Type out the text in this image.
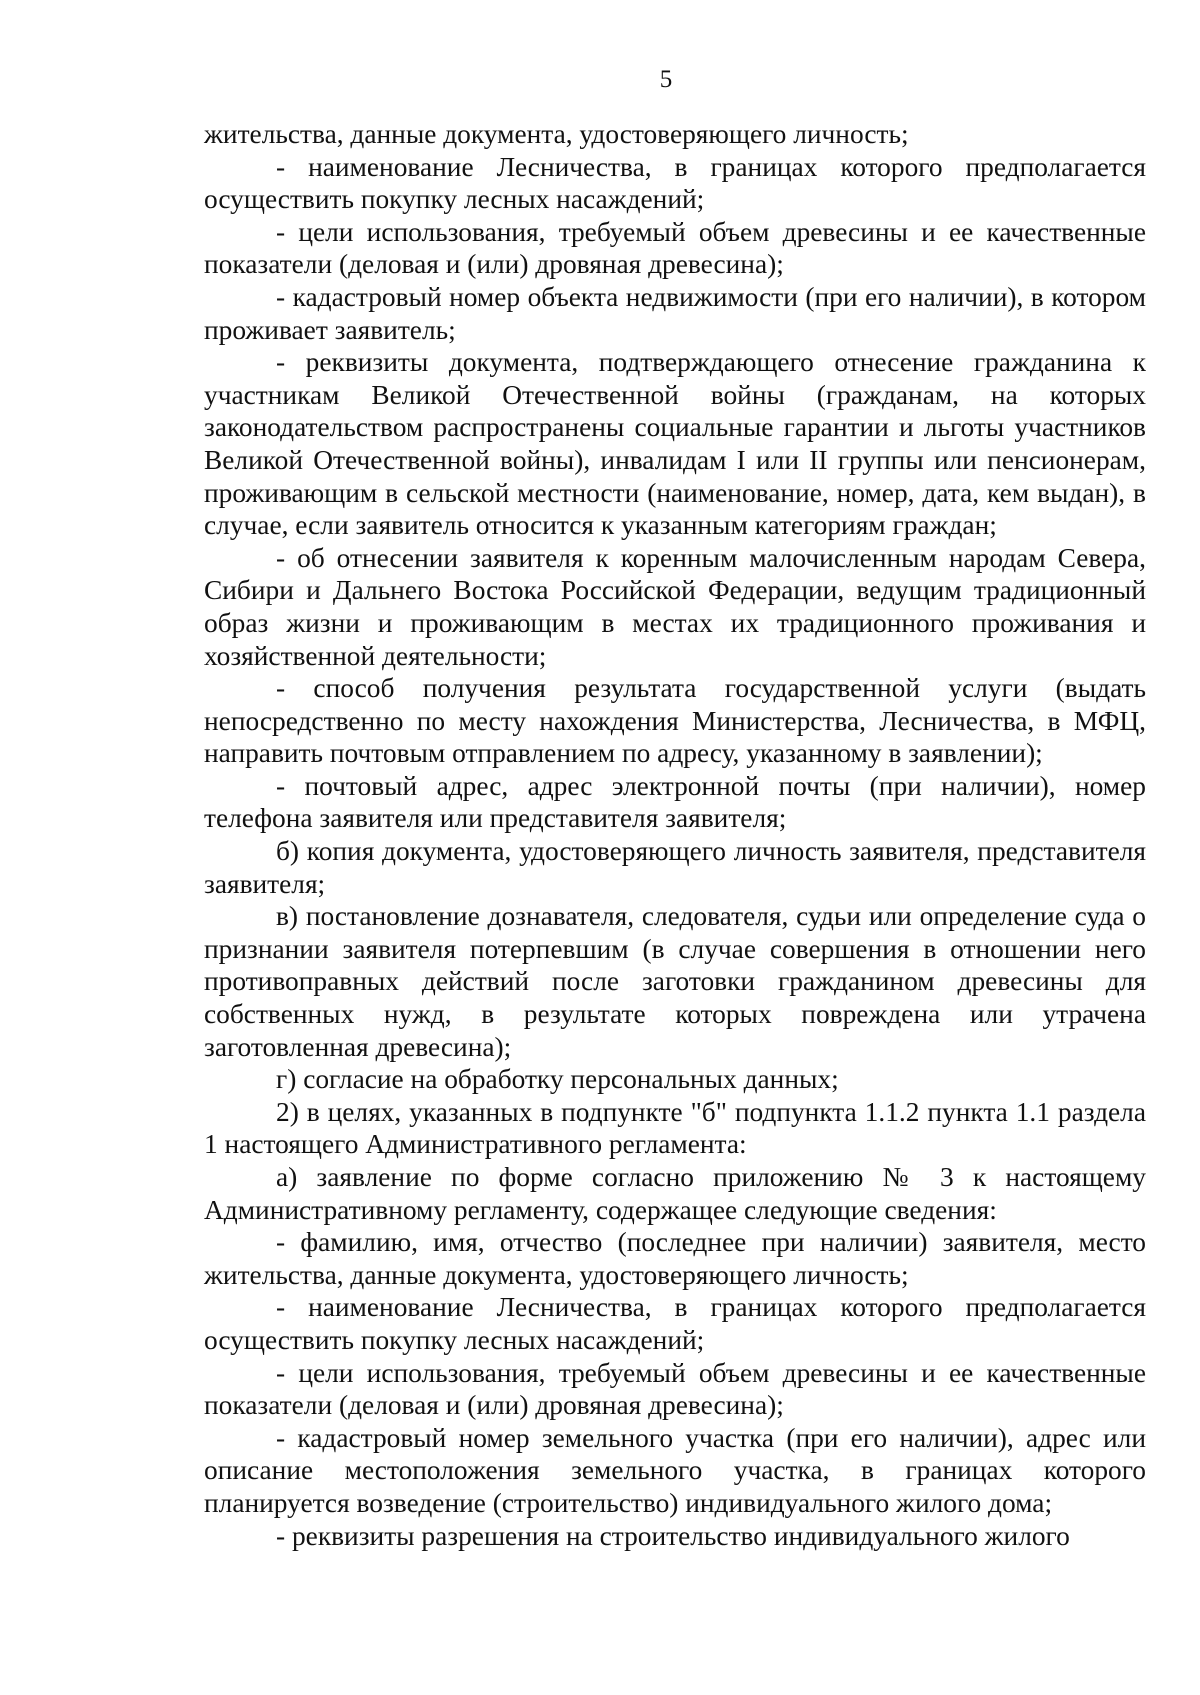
5

жительства, данные документа, удостоверяющего личность;

- наименование Лесничества, в границах которого предполагается осуществить покупку лесных насаждений;

- цели использования, требуемый объем древесины и ее качественные показатели (деловая и (или) дровяная древесина);

- кадастровый номер объекта недвижимости (при его наличии), в котором проживает заявитель;

- реквизиты документа, подтверждающего отнесение гражданина к участникам Великой Отечественной войны (гражданам, на которых законодательством распространены социальные гарантии и льготы участников Великой Отечественной войны), инвалидам I или II группы или пенсионерам, проживающим в сельской местности (наименование, номер, дата, кем выдан), в случае, если заявитель относится к указанным категориям граждан;

- об отнесении заявителя к коренным малочисленным народам Севера, Сибири и Дальнего Востока Российской Федерации, ведущим традиционный образ жизни и проживающим в местах их традиционного проживания и хозяйственной деятельности;

- способ получения результата государственной услуги (выдать непосредственно по месту нахождения Министерства, Лесничества, в МФЦ, направить почтовым отправлением по адресу, указанному в заявлении);

- почтовый адрес, адрес электронной почты (при наличии), номер телефона заявителя или представителя заявителя;

б) копия документа, удостоверяющего личность заявителя, представителя заявителя;

в) постановление дознавателя, следователя, судьи или определение суда о признании заявителя потерпевшим (в случае совершения в отношении него противоправных действий после заготовки гражданином древесины для собственных нужд, в результате которых повреждена или утрачена заготовленная древесина);

г) согласие на обработку персональных данных;

2) в целях, указанных в подпункте "б" подпункта 1.1.2 пункта 1.1 раздела 1 настоящего Административного регламента:

а) заявление по форме согласно приложению № 3 к настоящему Административному регламенту, содержащее следующие сведения:

- фамилию, имя, отчество (последнее при наличии) заявителя, место жительства, данные документа, удостоверяющего личность;

- наименование Лесничества, в границах которого предполагается осуществить покупку лесных насаждений;

- цели использования, требуемый объем древесины и ее качественные показатели (деловая и (или) дровяная древесина);

- кадастровый номер земельного участка (при его наличии), адрес или описание местоположения земельного участка, в границах которого планируется возведение (строительство) индивидуального жилого дома;

- реквизиты разрешения на строительство индивидуального жилого
